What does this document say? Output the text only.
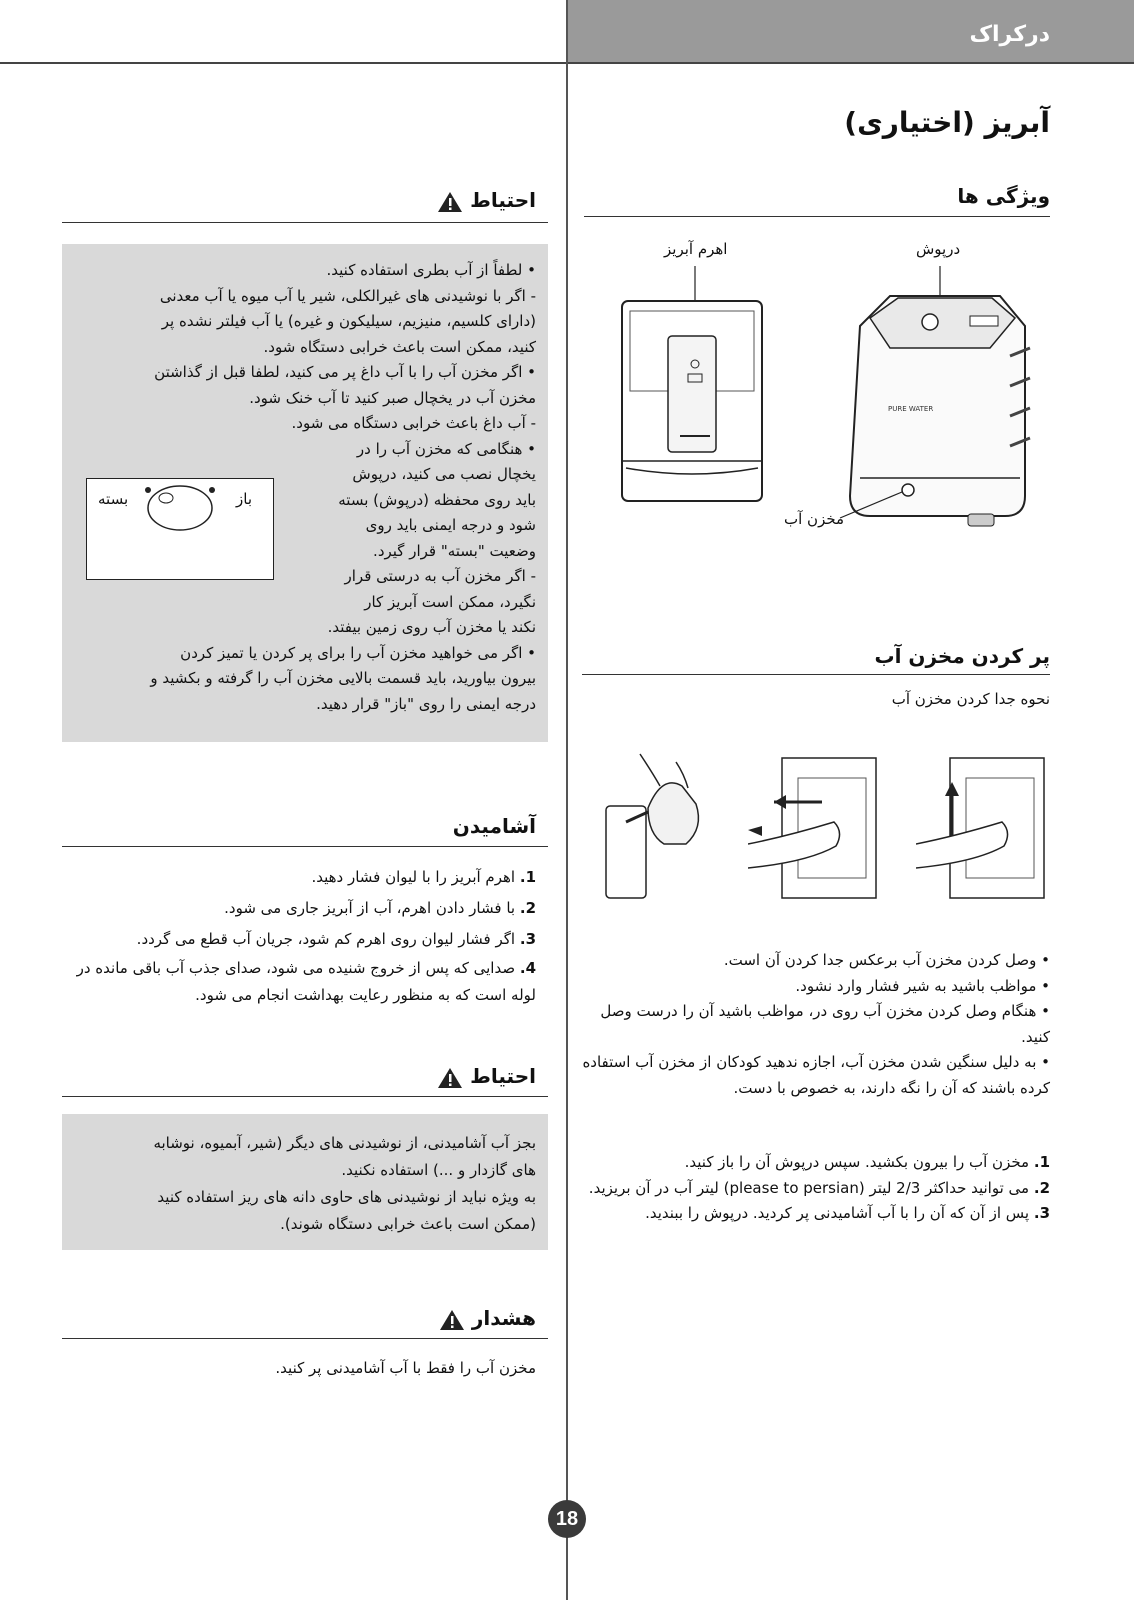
درکراک
آبریز (اختیاری)
ویژگی ها
درپوش
اهرم آبریز
مخزن آب
PURE WATER
پر کردن مخزن آب
نحوه جدا کردن مخزن آب

• وصل کردن مخزن آب برعکس جدا کردن آن است.

• مواظب باشید به شیر فشار وارد نشود.

• هنگام وصل کردن مخزن آب روی در، مواظب باشید آن را درست وصل کنید.

• به دلیل سنگین شدن مخزن آب، اجازه ندهید کودکان از مخزن آب استفاده کرده باشند که آن را نگه دارند، به خصوص با دست.

1. مخزن آب را بیرون بکشید. سپس درپوش آن را باز کنید.
2. می توانید حداکثر 2/3 لیتر (please to persian) لیتر آب در آن بریزید.
3. پس از آن که آن را با آب آشامیدنی پر کردید. درپوش را ببندید.
احتیاط

• لطفاً از آب بطری استفاده کنید.

- اگر با نوشیدنی های غیرالکلی، شیر یا آب میوه یا آب معدنی

(دارای کلسیم، منیزیم، سیلیکون و غیره) یا آب فیلتر نشده پر

کنید، ممکن است باعث خرابی دستگاه شود.

• اگر مخزن آب را با آب داغ پر می کنید، لطفا قبل از گذاشتن

مخزن آب در یخچال صبر کنید تا آب خنک شود.

- آب داغ باعث خرابی دستگاه می شود.

• هنگامی که مخزن آب را در

یخچال نصب می کنید، درپوش

باید روی محفظه (درپوش) بسته

شود و درجه ایمنی باید روی

وضعیت "بسته" قرار گیرد.

- اگر مخزن آب به درستی قرار

نگیرد، ممکن است آبریز کار

نکند یا مخزن آب روی زمین بیفتد.

• اگر می خواهید مخزن آب را برای پر کردن یا تمیز کردن

بیرون بیاورید، باید قسمت بالایی مخزن آب را گرفته و بکشید و

درجه ایمنی را روی "باز" قرار دهید.

باز
بسته
آشامیدن
1. اهرم آبریز را با لیوان فشار دهید.
2. با فشار دادن اهرم، آب از آبریز جاری می شود.
3. اگر فشار لیوان روی اهرم کم شود، جریان آب قطع می گردد.
4. صدایی که پس از خروج شنیده می شود، صدای جذب آب باقی مانده در لوله است که به منظور رعایت بهداشت انجام می شود.
احتیاط

بجز آب آشامیدنی، از نوشیدنی های دیگر (شیر، آبمیوه، نوشابه

های گازدار و ...) استفاده نکنید.

به ویژه نباید از نوشیدنی های حاوی دانه های ریز استفاده کنید

(ممکن است باعث خرابی دستگاه شوند).

هشدار
مخزن آب را فقط با آب آشامیدنی پر کنید.
18
